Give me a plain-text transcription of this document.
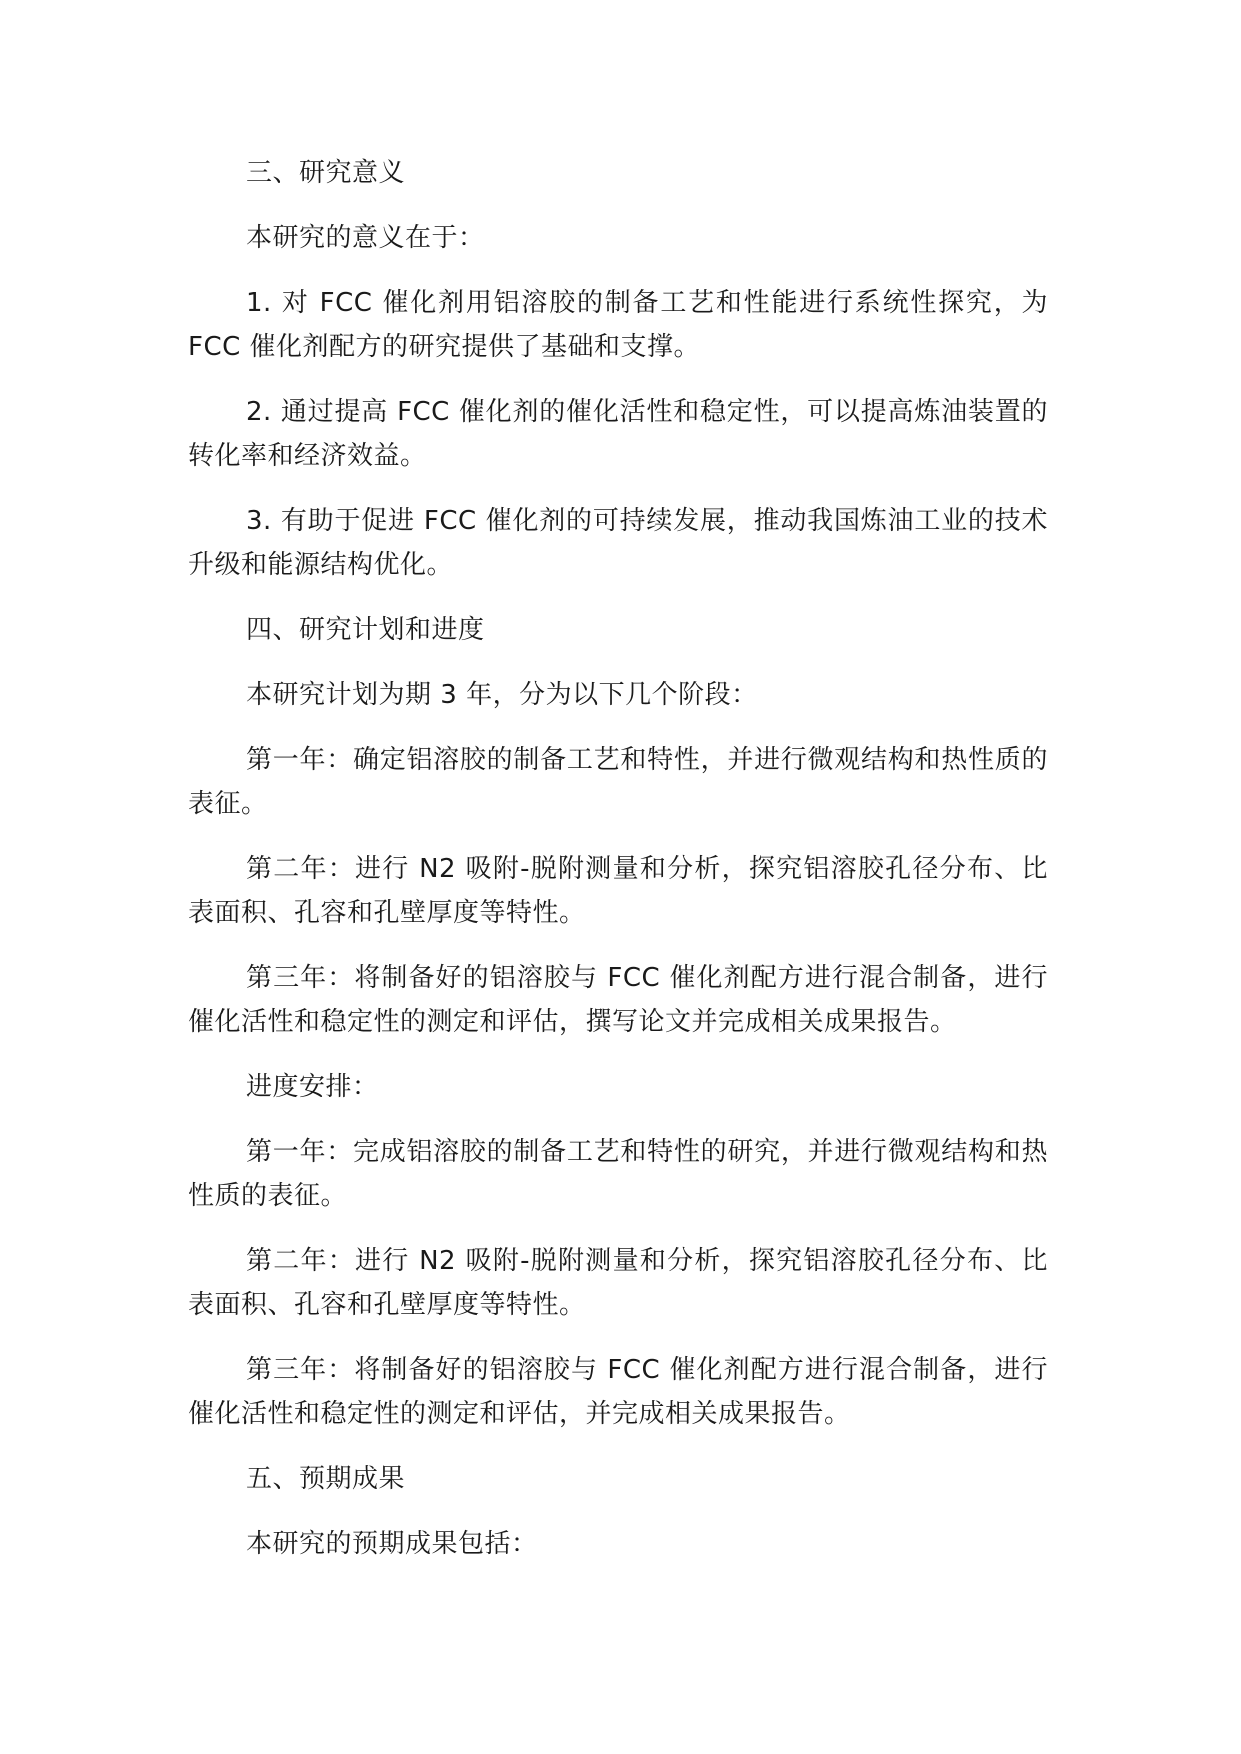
三、研究意义

本研究的意义在于：

1. 对 FCC 催化剂用铝溶胶的制备工艺和性能进行系统性探究，为 FCC 催化剂配方的研究提供了基础和支撑。

2. 通过提高 FCC 催化剂的催化活性和稳定性，可以提高炼油装置的转化率和经济效益。

3. 有助于促进 FCC 催化剂的可持续发展，推动我国炼油工业的技术升级和能源结构优化。

四、研究计划和进度

本研究计划为期 3 年，分为以下几个阶段：

第一年：确定铝溶胶的制备工艺和特性，并进行微观结构和热性质的表征。

第二年：进行 N2 吸附-脱附测量和分析，探究铝溶胶孔径分布、比表面积、孔容和孔壁厚度等特性。

第三年：将制备好的铝溶胶与 FCC 催化剂配方进行混合制备，进行催化活性和稳定性的测定和评估，撰写论文并完成相关成果报告。

进度安排：

第一年：完成铝溶胶的制备工艺和特性的研究，并进行微观结构和热性质的表征。

第二年：进行 N2 吸附-脱附测量和分析，探究铝溶胶孔径分布、比表面积、孔容和孔壁厚度等特性。

第三年：将制备好的铝溶胶与 FCC 催化剂配方进行混合制备，进行催化活性和稳定性的测定和评估，并完成相关成果报告。

五、预期成果

本研究的预期成果包括：
